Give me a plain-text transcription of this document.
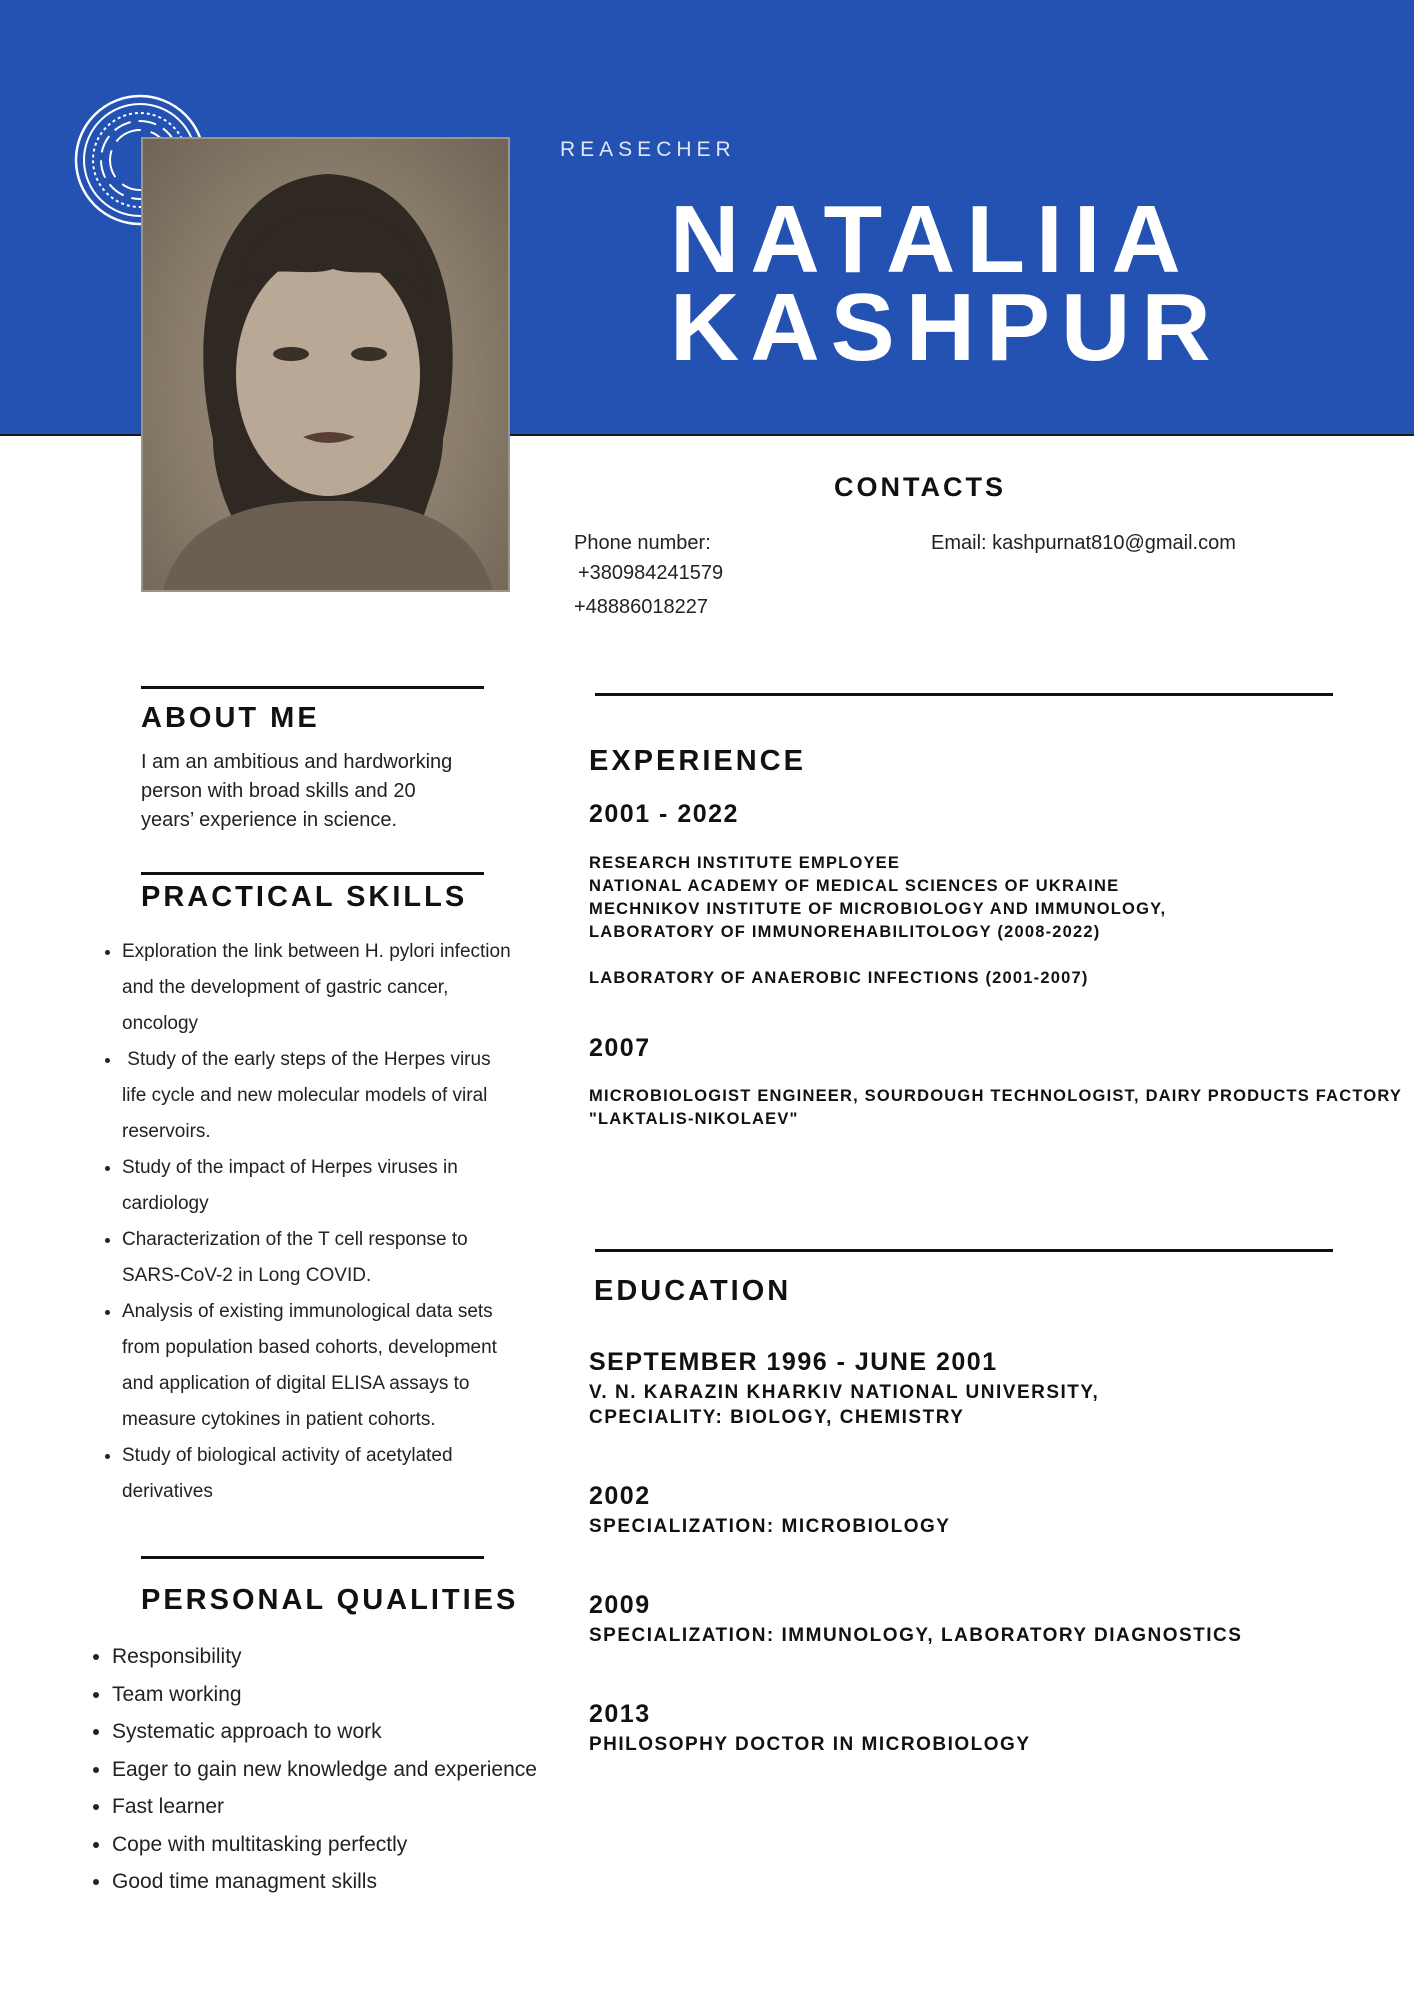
REASECHER
NATALIIA
KASHPUR
CONTACTS
Phone number:
+380984241579
+48886018227
Email: kashpurnat810@gmail.com
ABOUT ME
I am an ambitious and hardworking
person with broad skills and 20
years’ experience in science.
PRACTICAL SKILLS
• Exploration the link between H. pylori infection
and the development of gastric cancer,
oncology
•  Study of the early steps of the Herpes virus
life cycle and new molecular models of viral
reservoirs.
• Study of the impact of Herpes viruses in
cardiology
• Characterization of the T cell response to
SARS-CoV-2 in Long COVID.
• Analysis of existing immunological data sets
from population based cohorts, development
and application of digital ELISA assays to
measure cytokines in patient cohorts.
• Study of biological activity of acetylated
derivatives
PERSONAL QUALITIES
• Responsibility
• Team working
• Systematic approach to work
• Eager to gain new knowledge and experience
• Fast learner
• Cope with multitasking perfectly
• Good time managment skills
EXPERIENCE
2001 - 2022
RESEARCH INSTITUTE EMPLOYEE
NATIONAL ACADEMY OF MEDICAL SCIENCES OF UKRAINE
MECHNIKOV INSTITUTE OF MICROBIOLOGY AND IMMUNOLOGY,
LABORATORY OF IMMUNOREHABILITOLOGY (2008-2022)
LABORATORY OF ANAEROBIC INFECTIONS (2001-2007)
2007
MICROBIOLOGIST ENGINEER, SOURDOUGH TECHNOLOGIST, DAIRY PRODUCTS FACTORY
"LAKTALIS-NIKOLAEV"
EDUCATION
SEPTEMBER 1996 - JUNE 2001
V. N. KARAZIN KHARKIV NATIONAL UNIVERSITY,
CPECIALITY: BIOLOGY, CHEMISTRY
2002
SPECIALIZATION: MICROBIOLOGY
2009
SPECIALIZATION: IMMUNOLOGY, LABORATORY DIAGNOSTICS
2013
PHILOSOPHY DOCTOR IN MICROBIOLOGY
